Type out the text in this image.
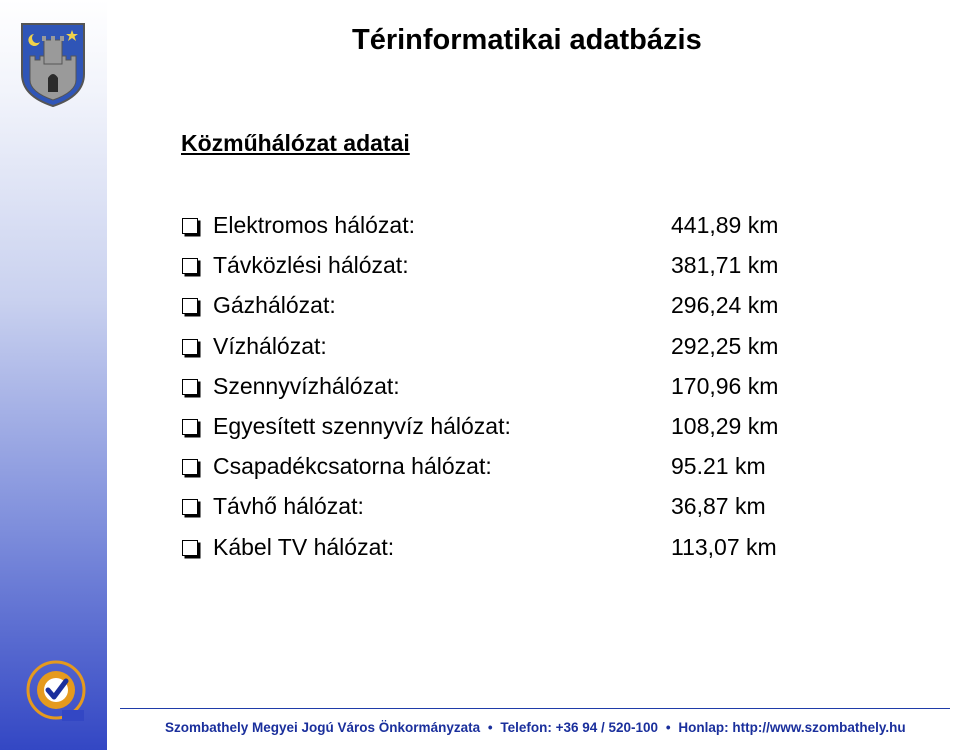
Térinformatikai adatbázis
Közműhálózat adatai
Elektromos hálózat:	441,89 km
Távközlési hálózat:	381,71 km
Gázhálózat:	296,24 km
Vízhálózat:	292,25 km
Szennyvízhálózat:	170,96 km
Egyesített szennyvíz hálózat:	108,29 km
Csapadékcsatorna hálózat:	95.21 km
Távhő hálózat:	36,87 km
Kábel TV hálózat:	113,07 km
Szombathely Megyei Jogú Város Önkormányzata • Telefon: +36 94 / 520-100 • Honlap: http://www.szombathely.hu
